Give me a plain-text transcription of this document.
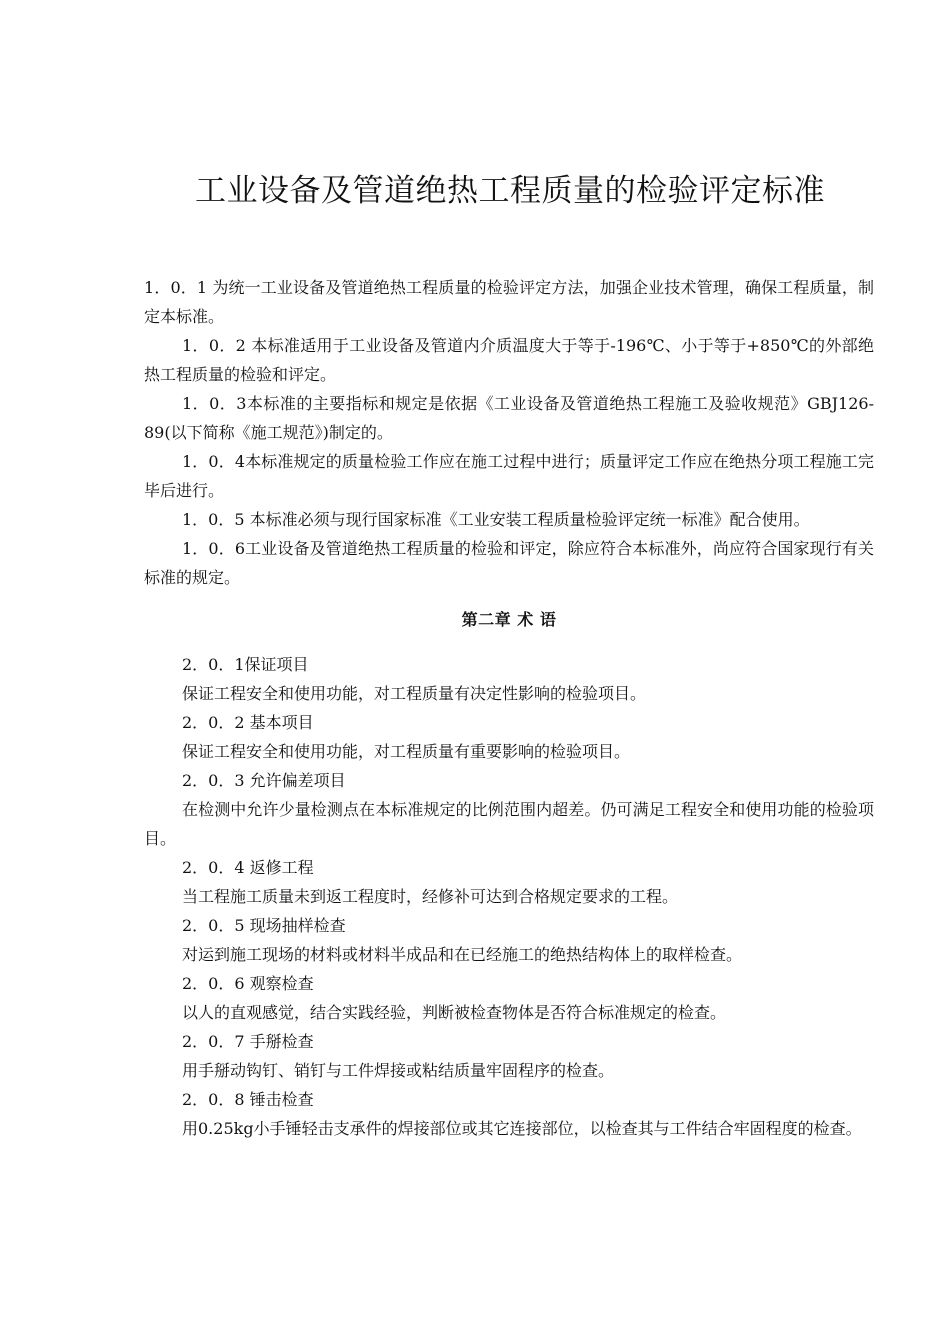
工业设备及管道绝热工程质量的检验评定标准

1．0．1 为统一工业设备及管道绝热工程质量的检验评定方法，加强企业技术管理，确保工程质量，制定本标准。

1．0．2 本标准适用于工业设备及管道内介质温度大于等于-196℃、小于等于+850℃的外部绝热工程质量的检验和评定。

1．0．3本标准的主要指标和规定是依据《工业设备及管道绝热工程施工及验收规范》GBJ126-89(以下简称《施工规范》)制定的。

1．0．4本标准规定的质量检验工作应在施工过程中进行；质量评定工作应在绝热分项工程施工完毕后进行。

1．0．5 本标准必须与现行国家标准《工业安装工程质量检验评定统一标准》配合使用。

1．0．6工业设备及管道绝热工程质量的检验和评定，除应符合本标准外，尚应符合国家现行有关标准的规定。

第二章 术 语

2．0．1保证项目

保证工程安全和使用功能，对工程质量有决定性影响的检验项目。

2．0．2 基本项目

保证工程安全和使用功能，对工程质量有重要影响的检验项目。

2．0．3 允许偏差项目

在检测中允许少量检测点在本标准规定的比例范围内超差。仍可满足工程安全和使用功能的检验项目。

2．0．4 返修工程

当工程施工质量未到返工程度时，经修补可达到合格规定要求的工程。

2．0．5 现场抽样检查

对运到施工现场的材料或材料半成品和在已经施工的绝热结构体上的取样检查。

2．0．6 观察检查

以人的直观感觉，结合实践经验，判断被检查物体是否符合标准规定的检查。

2．0．7 手掰检查

用手掰动钩钉、销钉与工件焊接或粘结质量牢固程序的检查。

2．0．8 锤击检查

用0.25kg小手锤轻击支承件的焊接部位或其它连接部位，以检查其与工件结合牢固程度的检查。
